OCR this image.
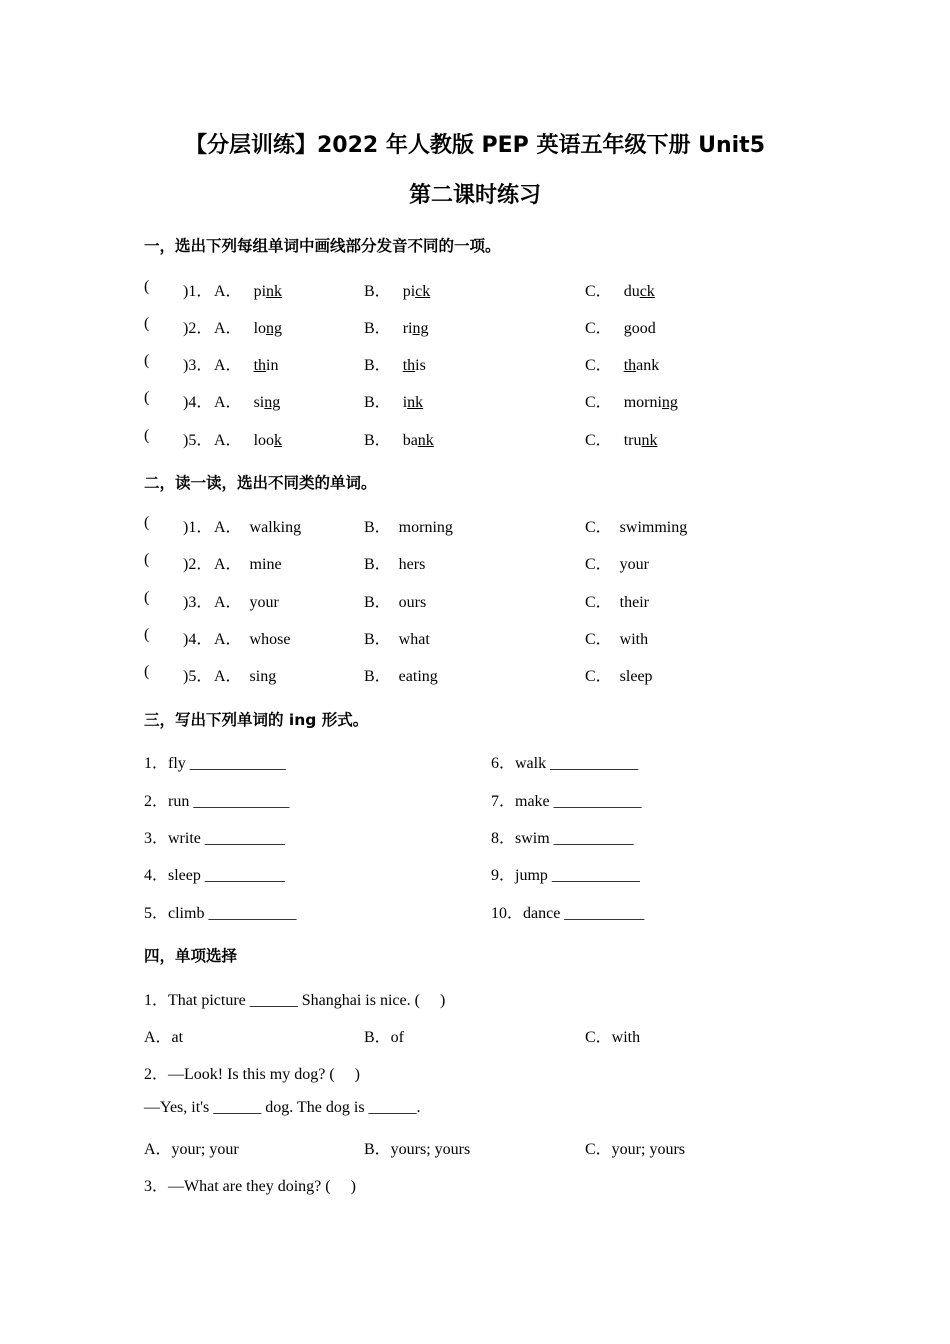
【分层训练】2022 年人教版 PEP 英语五年级下册 Unit5
第二课时练习
一，选出下列每组单词中画线部分发音不同的一项。
( )1． A． pink	B． pick	C． duck
( )2． A． long	B． ring	C． good
( )3． A． thin	B． this	C． thank
( )4． A． sing	B． ink	C． morning
( )5． A． look	B． bank	C． trunk
二，读一读，选出不同类的单词。
( )1． A．  walking	B．  morning	C．  swimming
( )2． A．  mine	B．  hers	C．  your
( )3． A．  your	B．  ours	C．  their
( )4． A．  whose	B．  what	C．  with
( )5． A．  sing	B．  eating	C．  sleep
三，写出下列单词的 ing 形式。
1．fly ____________	6．walk ___________
2．run ____________	7．make ___________
3．write __________	8．swim __________
4．sleep __________	9．jump ___________
5．climb ___________	10．dance __________
四，单项选择
1．That picture ______ Shanghai is nice. (     )
A．at	B．of	C．with
2．—Look! Is this my dog? (     )
—Yes, it's ______ dog. The dog is ______.
A．your; your	B．yours; yours	C．your; yours
3．—What are they doing? (     )
